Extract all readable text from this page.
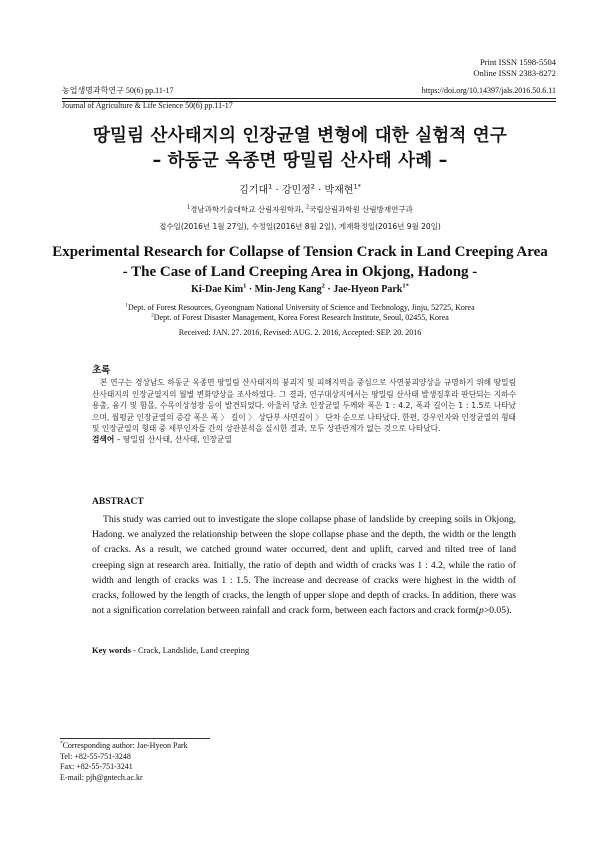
Print ISSN 1598-5504
Online ISSN 2383-8272
농업생명과학연구 50(6) pp.11-17	https://doi.org/10.14397/jals.2016.50.6.11
Journal of Agriculture & Life Science 50(6) pp.11-17
땅밀림 산사태지의 인장균열 변형에 대한 실험적 연구
– 하동군 옥종면 땅밀림 산사태 사례 –
김기대$^1$ · 강민정$^2$ · 박재현$^{1*}$
$^1$경남과학기술대학교 산림자원학과, $^2$국립산림과학원 산림방재연구과
접수일(2016년 1월 27일), 수정일(2016년 8월 2일), 게재확정일(2016년 9월 20일)
Experimental Research for Collapse of Tension Crack in Land Creeping Area
- The Case of Land Creeping Area in Okjong, Hadong -
Ki-Dae Kim$^1$ · Min-Jeng Kang$^2$ · Jae-Hyeon Park$^{1*}$
$^1$Dept. of Forest Resources, Gyeongnam National University of Science and Technology, Jinju, 52725, Korea
$^2$Dept. of Forest Disaster Management, Korea Forest Research Institute, Seoul, 02455, Korea
Received: JAN. 27. 2016, Revised: AUG. 2. 2016, Accepted: SEP. 20. 2016
초록
본 연구는 경상남도 하동군 옥종면 땅밀림 산사태지의 붕괴지 및 피해지역을 중심으로 사면붕괴양상을 규명하기 위해 땅밀림 산사태지의 인장균열지의 월별 변화양상을 조사하였다. 그 결과, 연구대상지에서는 땅밀림 산사태 발생징후라 판단되는 지하수 용출, 융기 및 함몰, 수목이상성장 등이 발견되었다. 아울러 당초 인장균열 두께와 폭은 1 : 4.2, 폭과 길이는 1 : 1.5로 나타났으며, 월평균 인장균열의 증감 폭은 폭 〉 길이 〉 상단부 사면길이 〉 단차 순으로 나타났다. 한편, 강우인자와 인장균열의 형태 및 인장균열의 형태 중 세부인자들 간의 상관분석을 실시한 결과, 모두 상관관계가 없는 것으로 나타났다.
검색어 – 땅밀림 산사태, 산사태, 인장균열
ABSTRACT
This study was carried out to investigate the slope collapse phase of landslide by creeping soils in Okjong, Hadong. we analyzed the relationship between the slope collapse phase and the depth, the width or the length of cracks. As a result, we catched ground water occurred, dent and uplift, carved and tilted tree of land creeping sign at research area. Initially, the ratio of depth and width of cracks was 1 : 4.2, while the ratio of width and length of cracks was 1 : 1.5. The increase and decrease of cracks were highest in the width of cracks, followed by the length of cracks, the length of upper slope and depth of cracks. In addition, there was not a signification correlation between rainfall and crack form, between each factors and crack form(p>0.05).
Key words - Crack, Landslide, Land creeping
*Corresponding author: Jae-Hyeon Park
Tel: +82-55-751-3248
Fax: +82-55-751-3241
E-mail: pjh@gntech.ac.kr
